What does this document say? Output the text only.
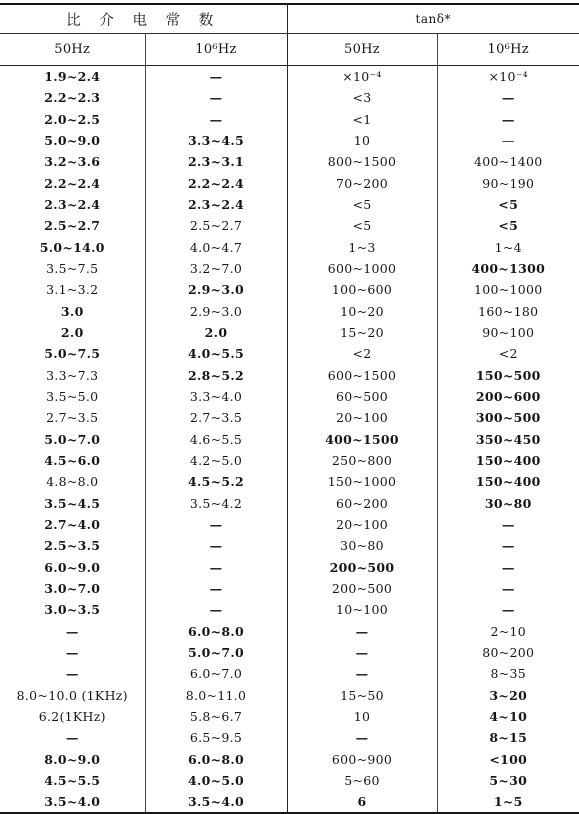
比 介 电 常 数		tanδ*	
50Hz	10⁶Hz	50Hz	10⁶Hz
1.9~2.4	—	×10⁻⁴	×10⁻⁴
2.2~2.3	—	<3	—
2.0~2.5	—	<1	—
5.0~9.0	3.3~4.5	10	—
3.2~3.6	2.3~3.1	800~1500	400~1400
2.2~2.4	2.2~2.4	70~200	90~190
2.3~2.4	2.3~2.4	<5	<5
2.5~2.7	2.5~2.7	<5	<5
5.0~14.0	4.0~4.7	1~3	1~4
3.5~7.5	3.2~7.0	600~1000	400~1300
3.1~3.2	2.9~3.0	100~600	100~1000
3.0	2.9~3.0	10~20	160~180
2.0	2.0	15~20	90~100
5.0~7.5	4.0~5.5	<2	<2
3.3~7.3	2.8~5.2	600~1500	150~500
3.5~5.0	3.3~4.0	60~500	200~600
2.7~3.5	2.7~3.5	20~100	300~500
5.0~7.0	4.6~5.5	400~1500	350~450
4.5~6.0	4.2~5.0	250~800	150~400
4.8~8.0	4.5~5.2	150~1000	150~400
3.5~4.5	3.5~4.2	60~200	30~80
2.7~4.0	—	20~100	—
2.5~3.5	—	30~80	—
6.0~9.0	—	200~500	—
3.0~7.0	—	200~500	—
3.0~3.5	—	10~100	—
—	6.0~8.0	—	2~10
—	5.0~7.0	—	80~200
—	6.0~7.0	—	8~35
8.0~10.0 (1KHz)	8.0~11.0	15~50	3~20
6.2(1KHz)	5.8~6.7	10	4~10
—	6.5~9.5	—	8~15
8.0~9.0	6.0~8.0	600~900	<100
4.5~5.5	4.0~5.0	5~60	5~30
3.5~4.0	3.5~4.0	6	1~5
